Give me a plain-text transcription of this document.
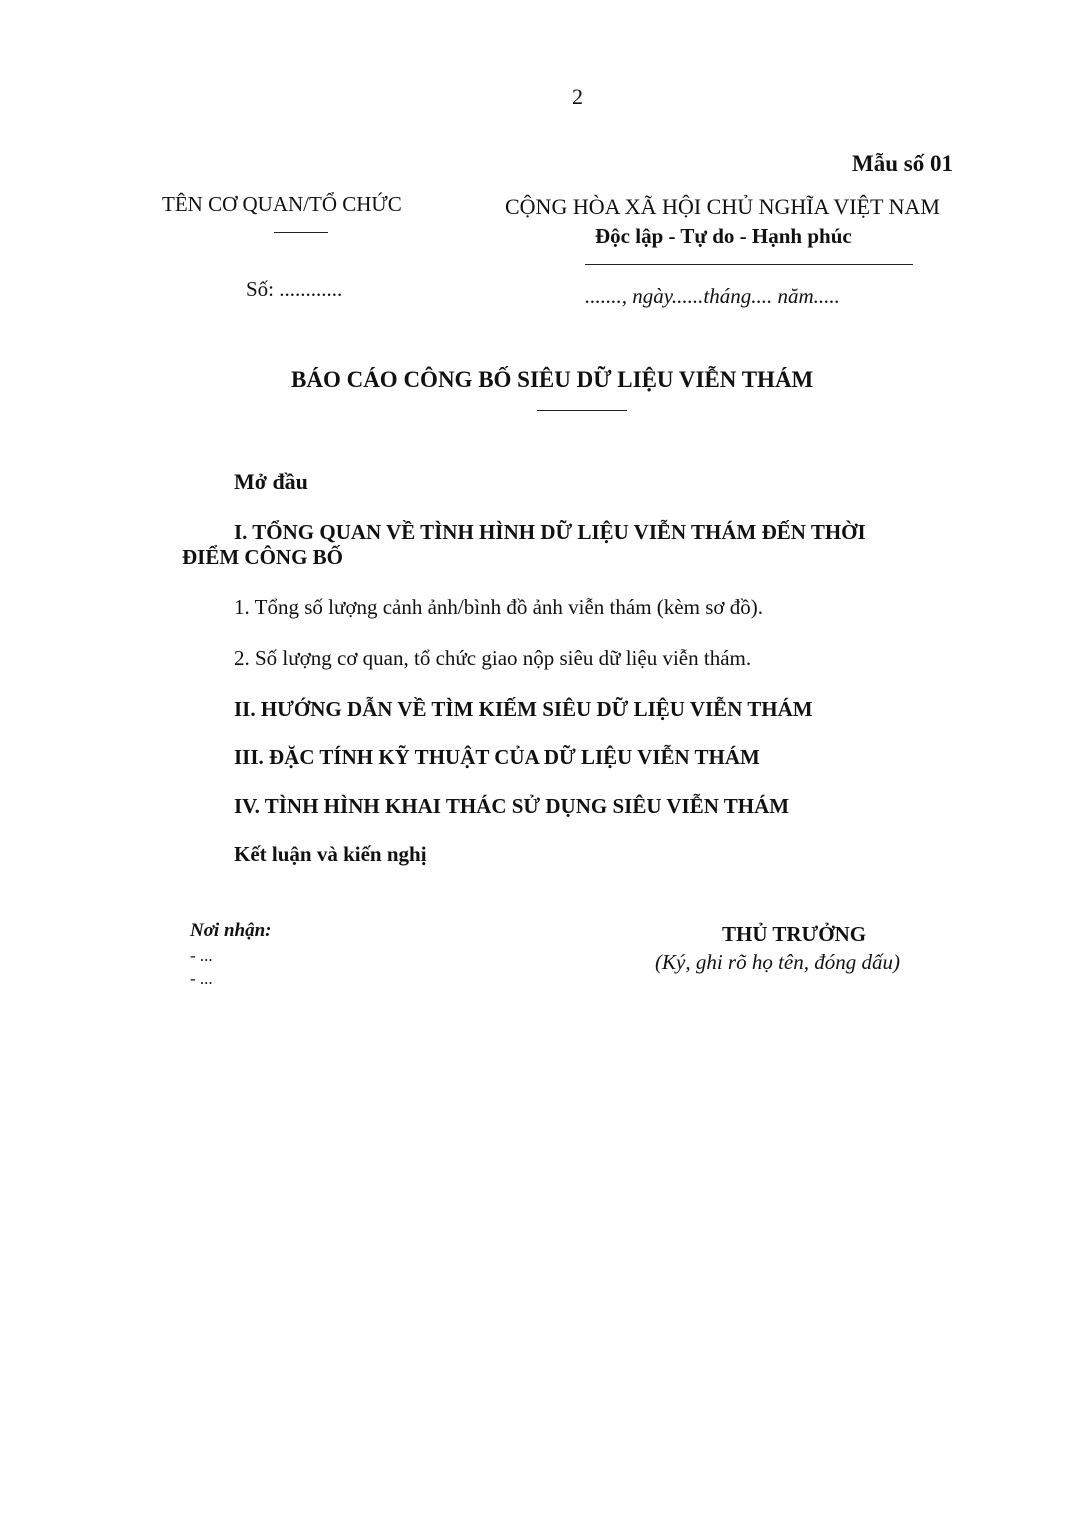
2
Mẫu số 01
TÊN CƠ QUAN/TỔ CHỨC	CỘNG HÒA XÃ HỘI CHỦ NGHĨA VIỆT NAM
Độc lập - Tự do - Hạnh phúc
Số: ............	......., ngày......tháng.... năm.....
BÁO CÁO CÔNG BỐ SIÊU DỮ LIỆU VIỄN THÁM
Mở đầu
I. TỔNG QUAN VỀ TÌNH HÌNH DỮ LIỆU VIỄN THÁM ĐẾN THỜI
ĐIỂM CÔNG BỐ
1. Tổng số lượng cảnh ảnh/bình đồ ảnh viễn thám (kèm sơ đồ).
2. Số lượng cơ quan, tổ chức giao nộp siêu dữ liệu viễn thám.
II. HƯỚNG DẪN VỀ TÌM KIẾM SIÊU DỮ LIỆU VIỄN THÁM
III. ĐẶC TÍNH KỸ THUẬT CỦA DỮ LIỆU VIỄN THÁM
IV. TÌNH HÌNH KHAI THÁC SỬ DỤNG SIÊU VIỄN THÁM
Kết luận và kiến nghị
Nơi nhận:
- ...
- ...
THỦ TRƯỞNG
(Ký, ghi rõ họ tên, đóng dấu)
